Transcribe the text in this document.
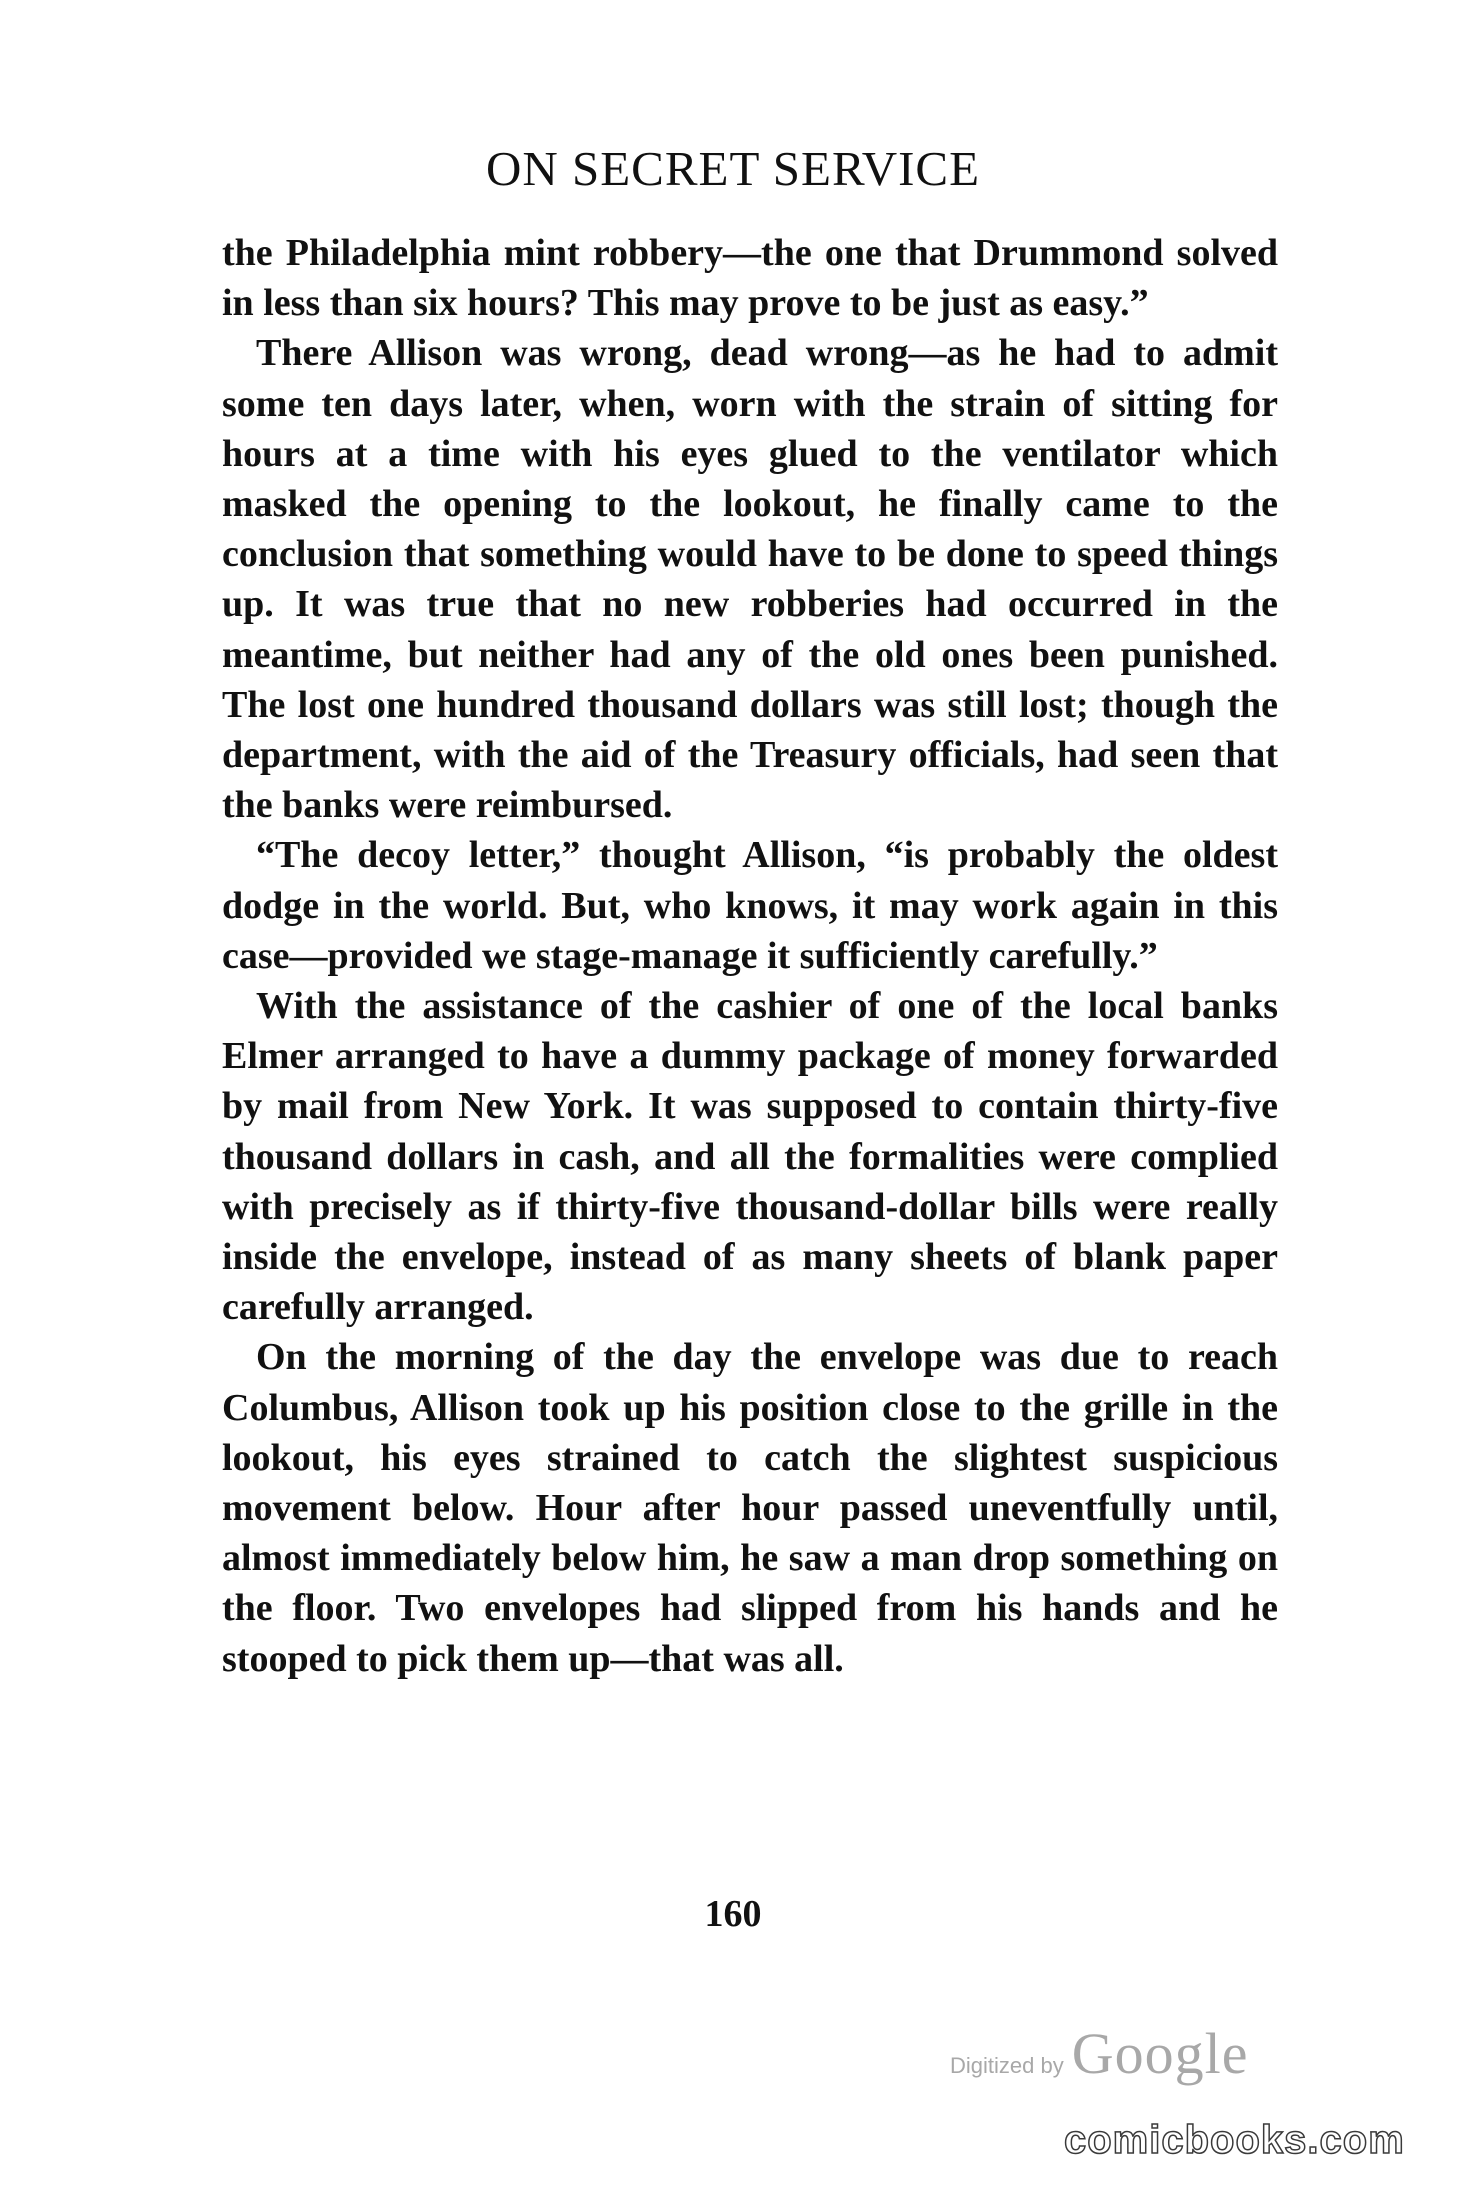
ON SECRET SERVICE

the Philadelphia mint robbery—the one that Drummond solved in less than six hours? This may prove to be just as easy.”

There Allison was wrong, dead wrong—as he had to admit some ten days later, when, worn with the strain of sitting for hours at a time with his eyes glued to the ventilator which masked the opening to the lookout, he finally came to the conclusion that something would have to be done to speed things up. It was true that no new robberies had occurred in the meantime, but neither had any of the old ones been punished. The lost one hundred thousand dollars was still lost; though the department, with the aid of the Treasury officials, had seen that the banks were reimbursed.

“The decoy letter,” thought Allison, “is probably the oldest dodge in the world. But, who knows, it may work again in this case—provided we stage-manage it sufficiently carefully.”

With the assistance of the cashier of one of the local banks Elmer arranged to have a dummy package of money forwarded by mail from New York. It was supposed to contain thirty-five thousand dollars in cash, and all the formalities were complied with precisely as if thirty-five thousand-dollar bills were really inside the envelope, instead of as many sheets of blank paper carefully arranged.

On the morning of the day the envelope was due to reach Columbus, Allison took up his position close to the grille in the lookout, his eyes strained to catch the slightest suspicious movement below. Hour after hour passed uneventfully until, almost immediately below him, he saw a man drop something on the floor. Two envelopes had slipped from his hands and he stooped to pick them up—that was all.

160
Digitized by Google
comicbooks.com
